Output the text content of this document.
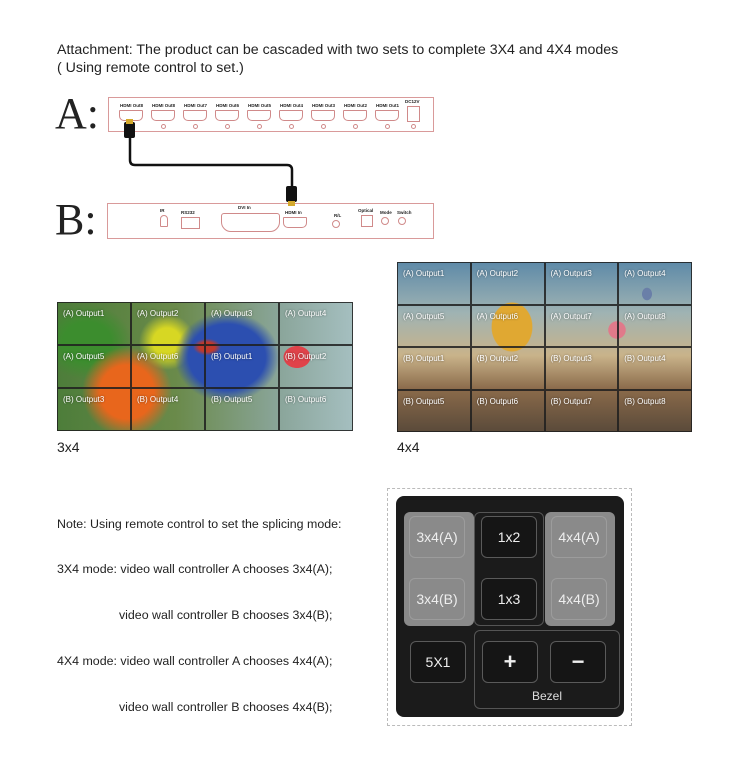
Attachment: The product can be cascaded with two sets to complete 3X4 and 4X4 modes
( Using remote control to set.)
A:
B:
DC12V
HDMI Out8 HDMI Out8 HDMI Out7 HDMI Out6 HDMI Out5 HDMI Out4 HDMI Out3 HDMI Out2 HDMI Out1
IR	RS232
DVI In
HDMI In
R/L
Optical Mode Switch
(A) Output1	(A) Output2	(A) Output3	(A) Output4
(A) Output5	(A) Output6	(B) Output1	(B) Output2
(B) Output3	(B) Output4	(B) Output5	(B) Output6
3x4
(A) Output1	(A) Output2	(A) Output3	(A) Output4
(A) Output5	(A) Output6	(A) Output7	(A) Output8
(B) Output1	(B) Output2	(B) Output3	(B) Output4
(B) Output5	(B) Output6	(B) Output7	(B) Output8
4x4

Note: Using remote control to set the splicing mode:

3X4 mode: video wall controller A chooses 3x4(A);

video wall controller B chooses 3x4(B);

4X4 mode: video wall controller A chooses 4x4(A);

video wall controller B chooses 4x4(B);

3x4(A)
3x4(B)
1x2
1x3
4x4(A)
4x4(B)
5X1	+	−
Bezel
